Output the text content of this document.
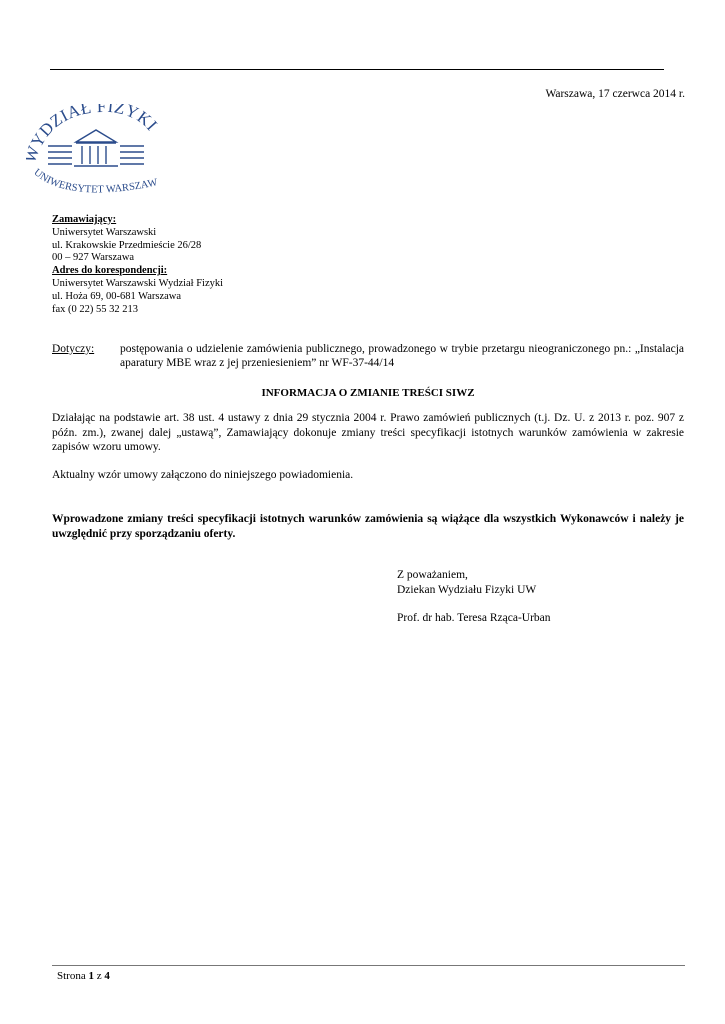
Warszawa, 17 czerwca 2014 r.
YDZIAŁ FIZYKI
UNIWERSYTET WARSZAW
Zamawiający:
Uniwersytet Warszawski
ul. Krakowskie Przedmieście 26/28
00 – 927 Warszawa
Adres do korespondencji:
Uniwersytet Warszawski Wydział Fizyki
ul. Hoża 69, 00-681 Warszawa
fax (0 22) 55 32 213
Dotyczy: postępowania o udzielenie zamówienia publicznego, prowadzonego w trybie przetargu nieograniczonego pn.: „Instalacja aparatury MBE wraz z jej przeniesieniem” nr WF-37-44/14
INFORMACJA O ZMIANIE TREŚCI SIWZ
Działając na podstawie art. 38 ust. 4 ustawy z dnia 29 stycznia 2004 r. Prawo zamówień publicznych (t.j. Dz. U. z 2013 r. poz. 907 z późn. zm.), zwanej dalej „ustawą”, Zamawiający dokonuje zmiany treści specyfikacji istotnych warunków zamówienia w zakresie zapisów wzoru umowy.
Aktualny wzór umowy załączono do niniejszego powiadomienia.
Wprowadzone zmiany treści specyfikacji istotnych warunków zamówienia są wiążące dla wszystkich Wykonawców i należy je uwzględnić przy sporządzaniu oferty.
Z poważaniem,
Dziekan Wydziału Fizyki UW
Prof. dr hab. Teresa Rząca-Urban
Strona 1 z 4
